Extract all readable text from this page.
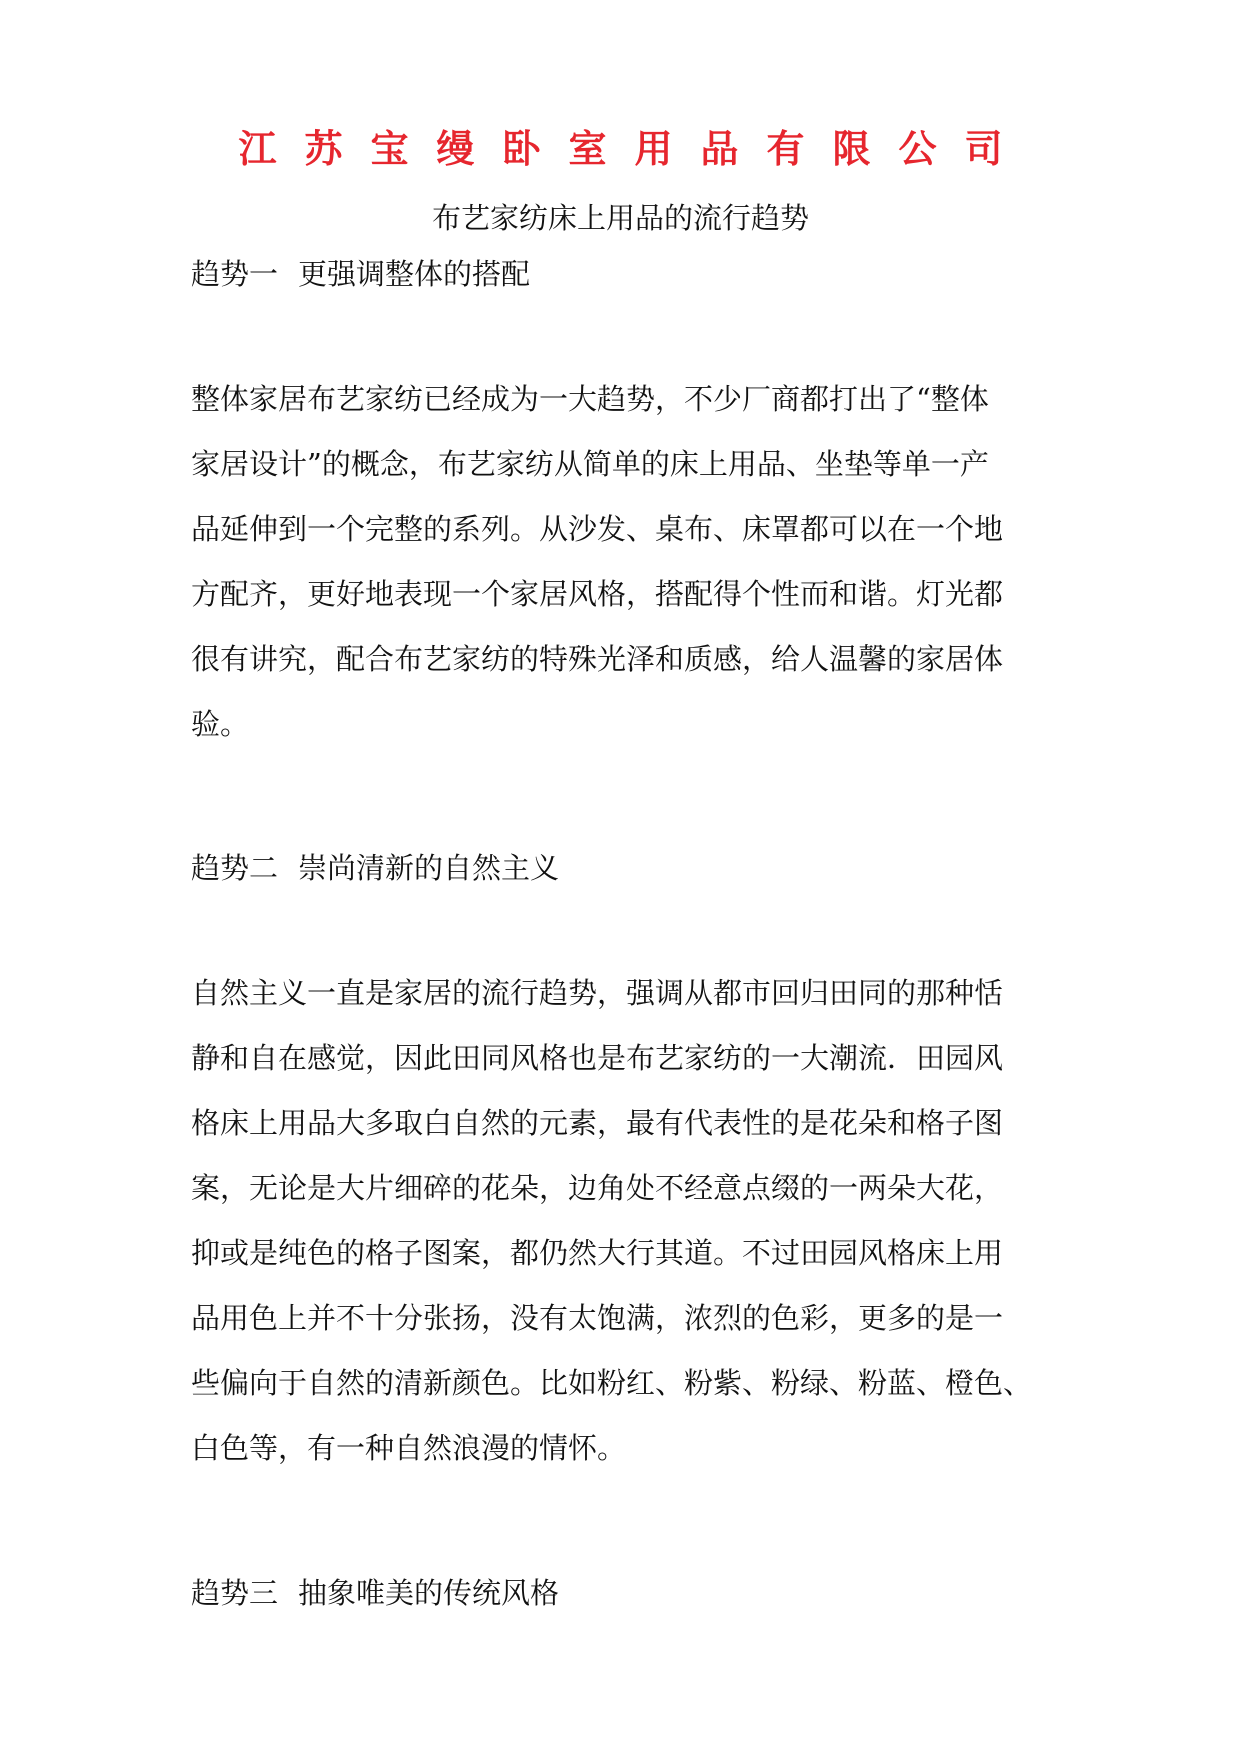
江苏宝缦卧室用品有限公司
布艺家纺床上用品的流行趋势
趋势一 更强调整体的搭配
整体家居布艺家纺已经成为一大趋势，不少厂商都打出了“整体
家居设计”的概念，布艺家纺从简单的床上用品、坐垫等单一产
品延伸到一个完整的系列。从沙发、桌布、床罩都可以在一个地
方配齐，更好地表现一个家居风格，搭配得个性而和谐。灯光都
很有讲究，配合布艺家纺的特殊光泽和质感，给人温馨的家居体
验。
趋势二 崇尚清新的自然主义
自然主义一直是家居的流行趋势，强调从都市回归田同的那种恬
静和自在感觉，因此田同风格也是布艺家纺的一大潮流．田园风
格床上用品大多取白自然的元素，最有代表性的是花朵和格子图
案，无论是大片细碎的花朵，边角处不经意点缀的一两朵大花，
抑或是纯色的格子图案，都仍然大行其道。不过田园风格床上用
品用色上并不十分张扬，没有太饱满，浓烈的色彩，更多的是一
些偏向于自然的清新颜色。比如粉红、粉紫、粉绿、粉蓝、橙色、
白色等，有一种自然浪漫的情怀。
趋势三 抽象唯美的传统风格
